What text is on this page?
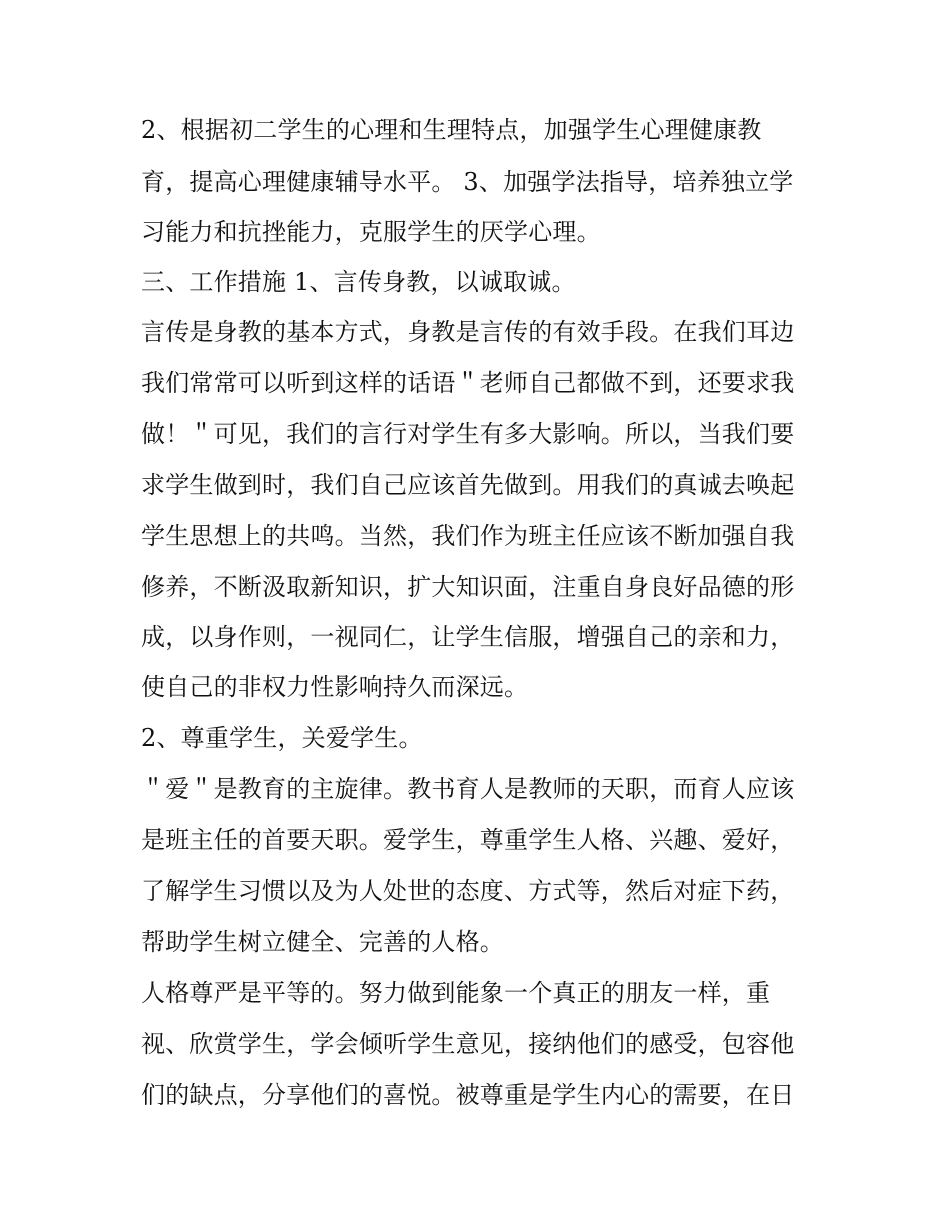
2、根据初二学生的心理和生理特点，加强学生心理健康教
育，提高心理健康辅导水平。 3、加强学法指导，培养独立学
习能力和抗挫能力，克服学生的厌学心理。
三、工作措施 1、言传身教，以诚取诚。
言传是身教的基本方式，身教是言传的有效手段。在我们耳边
我们常常可以听到这样的话语＂老师自己都做不到，还要求我
做！＂可见，我们的言行对学生有多大影响。所以，当我们要
求学生做到时，我们自己应该首先做到。用我们的真诚去唤起
学生思想上的共鸣。当然，我们作为班主任应该不断加强自我
修养，不断汲取新知识，扩大知识面，注重自身良好品德的形
成，以身作则，一视同仁，让学生信服，增强自己的亲和力，
使自己的非权力性影响持久而深远。
2、尊重学生，关爱学生。
＂爱＂是教育的主旋律。教书育人是教师的天职，而育人应该
是班主任的首要天职。爱学生，尊重学生人格、兴趣、爱好，
了解学生习惯以及为人处世的态度、方式等，然后对症下药，
帮助学生树立健全、完善的人格。
人格尊严是平等的。努力做到能象一个真正的朋友一样，重
视、欣赏学生，学会倾听学生意见，接纳他们的感受，包容他
们的缺点，分享他们的喜悦。被尊重是学生内心的需要，在日
